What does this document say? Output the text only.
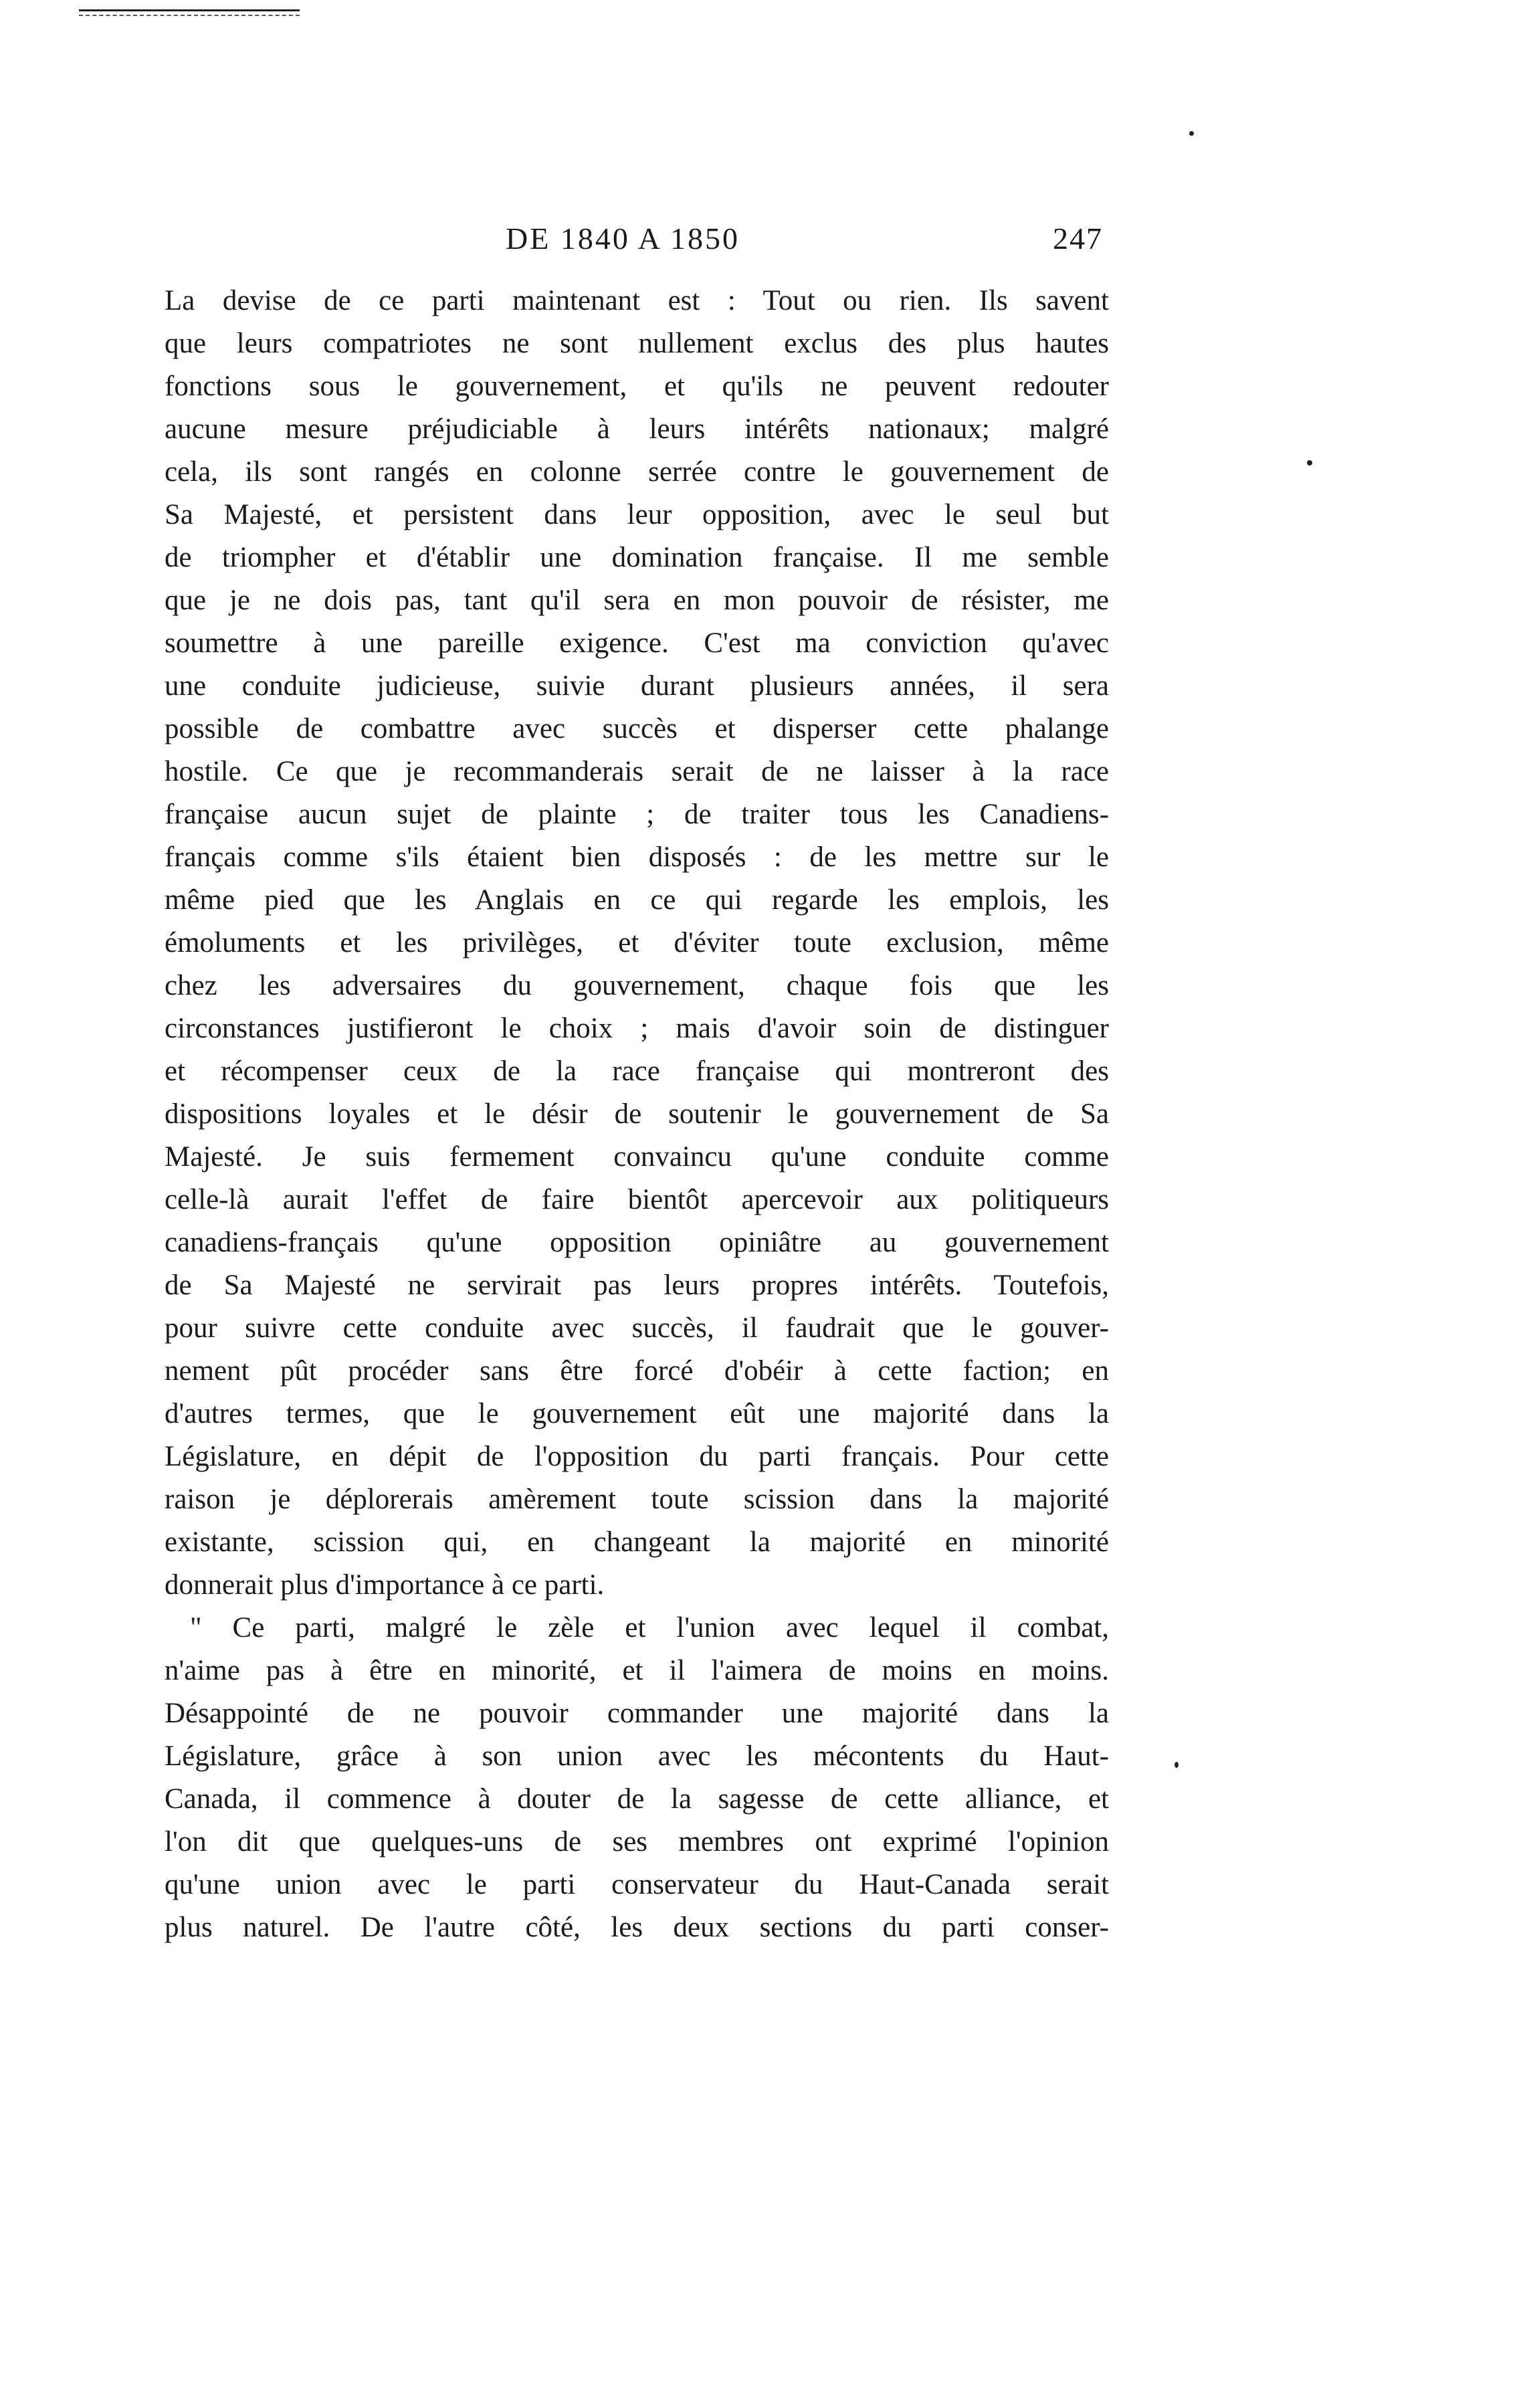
DE 1840 A 1850	247
La devise de ce parti maintenant est : Tout ou rien. Ils savent
que leurs compatriotes ne sont nullement exclus des plus hautes
fonctions sous le gouvernement, et qu'ils ne peuvent redouter
aucune mesure préjudiciable à leurs intérêts nationaux; malgré
cela, ils sont rangés en colonne serrée contre le gouvernement de
Sa Majesté, et persistent dans leur opposition, avec le seul but
de triompher et d'établir une domination française. Il me semble
que je ne dois pas, tant qu'il sera en mon pouvoir de résister, me
soumettre à une pareille exigence. C'est ma conviction qu'avec
une conduite judicieuse, suivie durant plusieurs années, il sera
possible de combattre avec succès et disperser cette phalange
hostile. Ce que je recommanderais serait de ne laisser à la race
française aucun sujet de plainte ; de traiter tous les Canadiens-
français comme s'ils étaient bien disposés : de les mettre sur le
même pied que les Anglais en ce qui regarde les emplois, les
émoluments et les privilèges, et d'éviter toute exclusion, même
chez les adversaires du gouvernement, chaque fois que les
circonstances justifieront le choix ; mais d'avoir soin de distinguer
et récompenser ceux de la race française qui montreront des
dispositions loyales et le désir de soutenir le gouvernement de Sa
Majesté. Je suis fermement convaincu qu'une conduite comme
celle-là aurait l'effet de faire bientôt apercevoir aux politiqueurs
canadiens-français qu'une opposition opiniâtre au gouvernement
de Sa Majesté ne servirait pas leurs propres intérêts. Toutefois,
pour suivre cette conduite avec succès, il faudrait que le gouver-
nement pût procéder sans être forcé d'obéir à cette faction; en
d'autres termes, que le gouvernement eût une majorité dans la
Législature, en dépit de l'opposition du parti français. Pour cette
raison je déplorerais amèrement toute scission dans la majorité
existante, scission qui, en changeant la majorité en minorité
donnerait plus d'importance à ce parti.
" Ce parti, malgré le zèle et l'union avec lequel il combat,
n'aime pas à être en minorité, et il l'aimera de moins en moins.
Désappointé de ne pouvoir commander une majorité dans la
Législature, grâce à son union avec les mécontents du Haut-
Canada, il commence à douter de la sagesse de cette alliance, et
l'on dit que quelques-uns de ses membres ont exprimé l'opinion
qu'une union avec le parti conservateur du Haut-Canada serait
plus naturel. De l'autre côté, les deux sections du parti conser-
